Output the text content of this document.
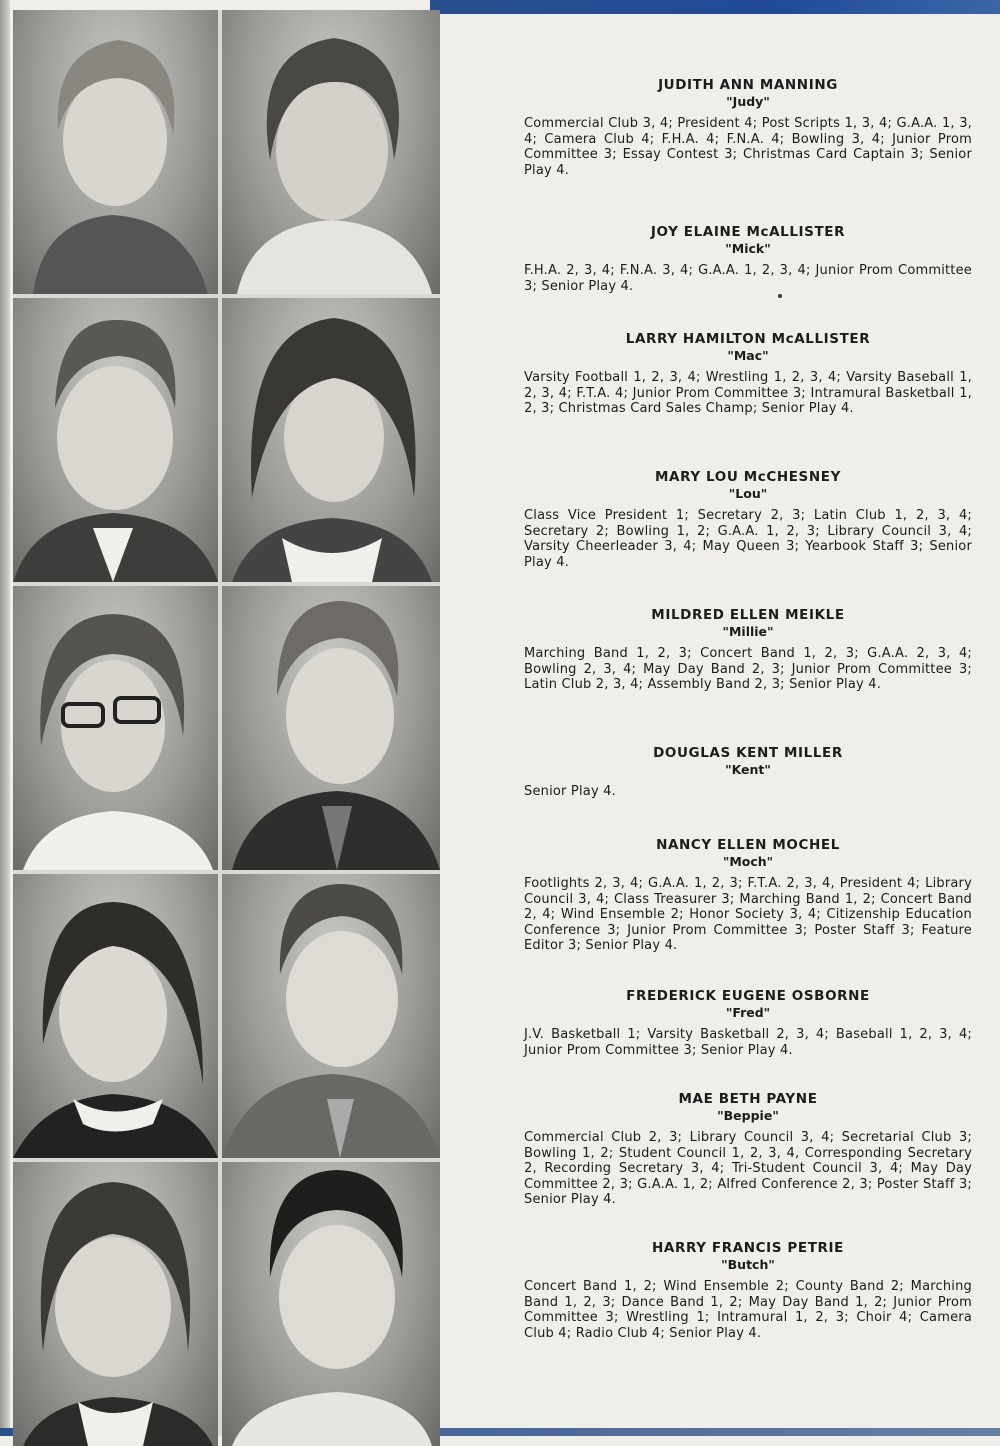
JUDITH ANN MANNING

"Judy"

Commercial Club 3, 4; President 4; Post Scripts 1, 3, 4; G.A.A. 1, 3, 4; Camera Club 4; F.H.A. 4; F.N.A. 4; Bowling 3, 4; Junior Prom Committee 3; Essay Contest 3; Christmas Card Captain 3; Senior Play 4.

JOY ELAINE McALLISTER

"Mick"

F.H.A. 2, 3, 4; F.N.A. 3, 4; G.A.A. 1, 2, 3, 4; Junior Prom Committee 3; Senior Play 4.

LARRY HAMILTON McALLISTER

"Mac"

Varsity Football 1, 2, 3, 4; Wrestling 1, 2, 3, 4; Varsity Baseball 1, 2, 3, 4; F.T.A. 4; Junior Prom Committee 3; Intramural Basketball 1, 2, 3; Christmas Card Sales Champ; Senior Play 4.

MARY LOU McCHESNEY

"Lou"

Class Vice President 1; Secretary 2, 3; Latin Club 1, 2, 3, 4; Secretary 2; Bowling 1, 2; G.A.A. 1, 2, 3; Library Council 3, 4; Varsity Cheerleader 3, 4; May Queen 3; Yearbook Staff 3; Senior Play 4.

MILDRED ELLEN MEIKLE

"Millie"

Marching Band 1, 2, 3; Concert Band 1, 2, 3; G.A.A. 2, 3, 4; Bowling 2, 3, 4; May Day Band 2, 3; Junior Prom Committee 3; Latin Club 2, 3, 4; Assembly Band 2, 3; Senior Play 4.

DOUGLAS KENT MILLER

"Kent"

Senior Play 4.

NANCY ELLEN MOCHEL

"Moch"

Footlights 2, 3, 4; G.A.A. 1, 2, 3; F.T.A. 2, 3, 4, President 4; Library Council 3, 4; Class Treasurer 3; Marching Band 1, 2; Concert Band 2, 4; Wind Ensemble 2; Honor Society 3, 4; Citizenship Education Conference 3; Junior Prom Committee 3; Poster Staff 3; Feature Editor 3; Senior Play 4.

FREDERICK EUGENE OSBORNE

"Fred"

J.V. Basketball 1; Varsity Basketball 2, 3, 4; Baseball 1, 2, 3, 4; Junior Prom Committee 3; Senior Play 4.

MAE BETH PAYNE

"Beppie"

Commercial Club 2, 3; Library Council 3, 4; Secretarial Club 3; Bowling 1, 2; Student Council 1, 2, 3, 4, Corresponding Secretary 2, Recording Secretary 3, 4; Tri-Student Council 3, 4; May Day Committee 2, 3; G.A.A. 1, 2; Alfred Conference 2, 3; Poster Staff 3; Senior Play 4.

HARRY FRANCIS PETRIE

"Butch"

Concert Band 1, 2; Wind Ensemble 2; County Band 2; Marching Band 1, 2, 3; Dance Band 1, 2; May Day Band 1, 2; Junior Prom Committee 3; Wrestling 1; Intramural 1, 2, 3; Choir 4; Camera Club 4; Radio Club 4; Senior Play 4.
